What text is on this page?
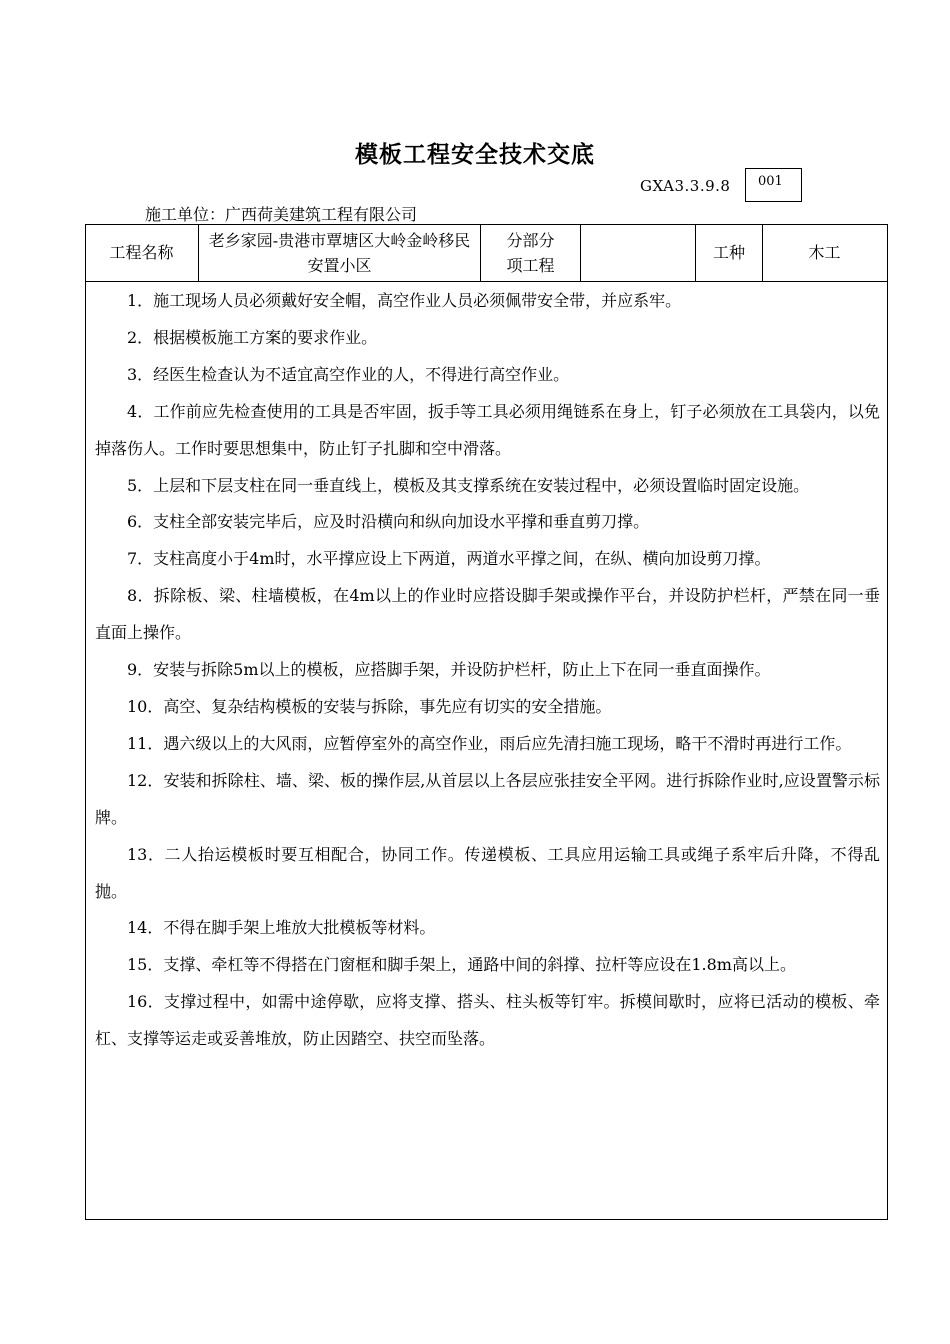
模板工程安全技术交底
GXA3.3.9.8	001
施工单位：广西荷美建筑工程有限公司
工程名称
老乡家园-贵港市覃塘区大岭金岭移民安置小区
分部分项工程
工种	木工

1．施工现场人员必须戴好安全帽，高空作业人员必须佩带安全带，并应系牢。

2．根据模板施工方案的要求作业。

3．经医生检查认为不适宜高空作业的人，不得进行高空作业。

4．工作前应先检查使用的工具是否牢固，扳手等工具必须用绳链系在身上，钉子必须放在工具袋内，以免掉落伤人。工作时要思想集中，防止钉子扎脚和空中滑落。

5．上层和下层支柱在同一垂直线上，模板及其支撑系统在安装过程中，必须设置临时固定设施。

6．支柱全部安装完毕后，应及时沿横向和纵向加设水平撑和垂直剪刀撑。

7．支柱高度小于4m时，水平撑应设上下两道，两道水平撑之间，在纵、横向加设剪刀撑。

8．拆除板、梁、柱墙模板，在4m以上的作业时应搭设脚手架或操作平台，并设防护栏杆，严禁在同一垂直面上操作。

9．安装与拆除5m以上的模板，应搭脚手架，并设防护栏杆，防止上下在同一垂直面操作。

10．高空、复杂结构模板的安装与拆除，事先应有切实的安全措施。

11．遇六级以上的大风雨，应暂停室外的高空作业，雨后应先清扫施工现场，略干不滑时再进行工作。

12．安装和拆除柱、墙、梁、板的操作层,从首层以上各层应张挂安全平网。进行拆除作业时,应设置警示标牌。

13．二人抬运模板时要互相配合，协同工作。传递模板、工具应用运输工具或绳子系牢后升降，不得乱抛。

14．不得在脚手架上堆放大批模板等材料。

15．支撑、牵杠等不得搭在门窗框和脚手架上，通路中间的斜撑、拉杆等应设在1.8m高以上。

16．支撑过程中，如需中途停歇，应将支撑、搭头、柱头板等钉牢。拆模间歇时，应将已活动的模板、牵杠、支撑等运走或妥善堆放，防止因踏空、扶空而坠落。
